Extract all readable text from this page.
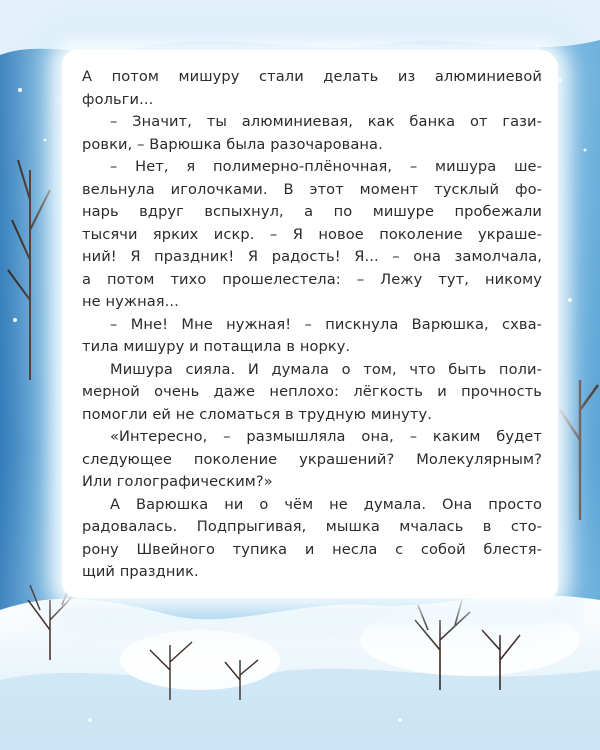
А потом мишуру стали делать из алюминиевой
фольги...
– Значит, ты алюминиевая, как банка от гази-
ровки, – Варюшка была разочарована.
– Нет, я полимерно-плёночная, – мишура ше-
вельнула иголочками. В этот момент тусклый фо-
нарь вдруг вспыхнул, а по мишуре пробежали
тысячи ярких искр. – Я новое поколение украше-
ний! Я праздник! Я радость! Я... – она замолчала,
а потом тихо прошелестела: – Лежу тут, никому
не нужная...
– Мне! Мне нужная! – пискнула Варюшка, схва-
тила мишуру и потащила в норку.
Мишура сияла. И думала о том, что быть поли-
мерной очень даже неплохо: лёгкость и прочность
помогли ей не сломаться в трудную минуту.
«Интересно, – размышляла она, – каким будет
следующее поколение украшений? Молекулярным?
Или голографическим?»
А Варюшка ни о чём не думала. Она просто
радовалась. Подпрыгивая, мышка мчалась в сто-
рону Швейного тупика и несла с собой блестя-
щий праздник.
